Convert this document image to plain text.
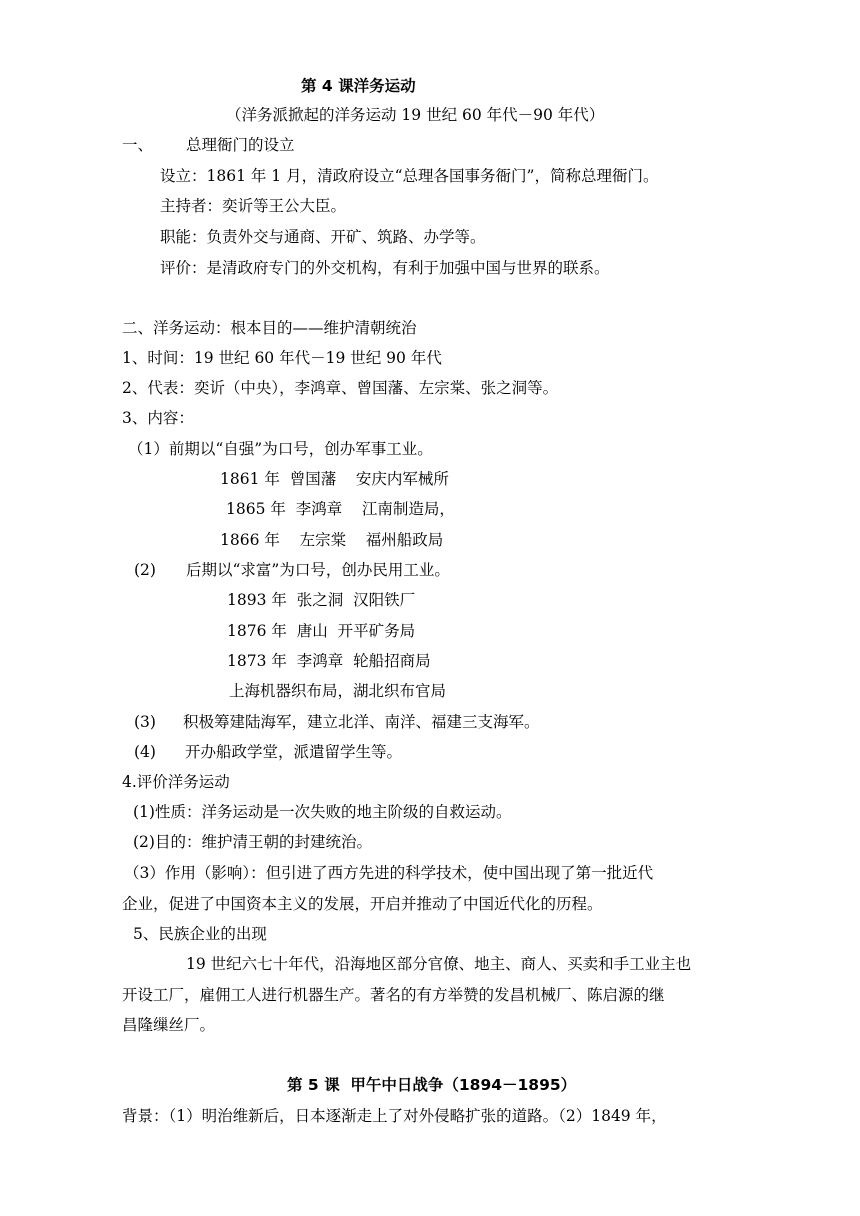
第 4 课洋务运动
（洋务派掀起的洋务运动 19 世纪 60 年代－90 年代）
一、 总理衙门的设立
设立：1861 年 1 月，清政府设立“总理各国事务衙门”，简称总理衙门。
主持者：奕䜣等王公大臣。
职能：负责外交与通商、开矿、筑路、办学等。
评价：是清政府专门的外交机构，有利于加强中国与世界的联系。
二、洋务运动：根本目的——维护清朝统治
1、时间：19 世纪 60 年代－19 世纪 90 年代
2、代表：奕䜣（中央），李鸿章、曾国藩、左宗棠、张之洞等。
3、内容：
（1）前期以“自强”为口号，创办军事工业。
1861 年  曾国藩    安庆内军械所
1865 年  李鸿章    江南制造局，
1866 年    左宗棠    福州船政局
(2) 后期以“求富”为口号，创办民用工业。
1893 年  张之洞  汉阳铁厂
1876 年  唐山  开平矿务局
1873 年  李鸿章  轮船招商局
上海机器织布局，湖北织布官局
(3) 积极筹建陆海军，建立北洋、南洋、福建三支海军。
(4) 开办船政学堂，派遣留学生等。
4.评价洋务运动
(1)性质：洋务运动是一次失败的地主阶级的自救运动。
(2)目的：维护清王朝的封建统治。
（3）作用（影响）：但引进了西方先进的科学技术，使中国出现了第一批近代
企业，促进了中国资本主义的发展，开启并推动了中国近代化的历程。
5、民族企业的出现
19 世纪六七十年代，沿海地区部分官僚、地主、商人、买卖和手工业主也
开设工厂，雇佣工人进行机器生产。著名的有方举赞的发昌机械厂、陈启源的继
昌隆缫丝厂。
第 5 课  甲午中日战争（1894－1895）
背景：（1）明治维新后，日本逐渐走上了对外侵略扩张的道路。（2）1849 年，
